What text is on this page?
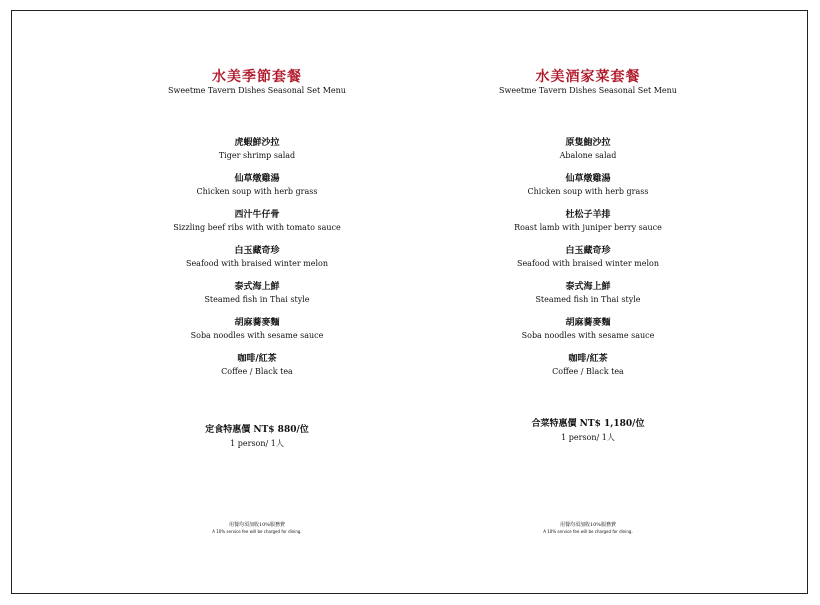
水美季節套餐
Sweetme Tavern Dishes Seasonal Set Menu
虎蝦鮮沙拉
Tiger shrimp salad
仙草燉雞湯
Chicken soup with herb grass
西汁牛仔骨
Sizzling beef ribs with with tomato sauce
白玉藏奇珍
Seafood with braised winter melon
泰式海上鮮
Steamed fish in Thai style
胡麻蕎麥麵
Soba noodles with sesame sauce
咖啡/紅茶
Coffee / Black tea
定食特惠價 NT$ 880/位
1 person/ 1人
用餐均須加收10%服務費
A 10% service fee will be charged for dining.
水美酒家菜套餐
Sweetme Tavern Dishes Seasonal Set Menu
原隻鮑沙拉
Abalone salad
仙草燉雞湯
Chicken soup with herb grass
杜松子羊排
Roast lamb with juniper berry sauce
白玉藏奇珍
Seafood with braised winter melon
泰式海上鮮
Steamed fish in Thai style
胡麻蕎麥麵
Soba noodles with sesame sauce
咖啡/紅茶
Coffee / Black tea
合菜特惠價 NT$ 1,180/位
1 person/ 1人
用餐均須加收10%服務費
A 10% service fee will be charged for dining.
